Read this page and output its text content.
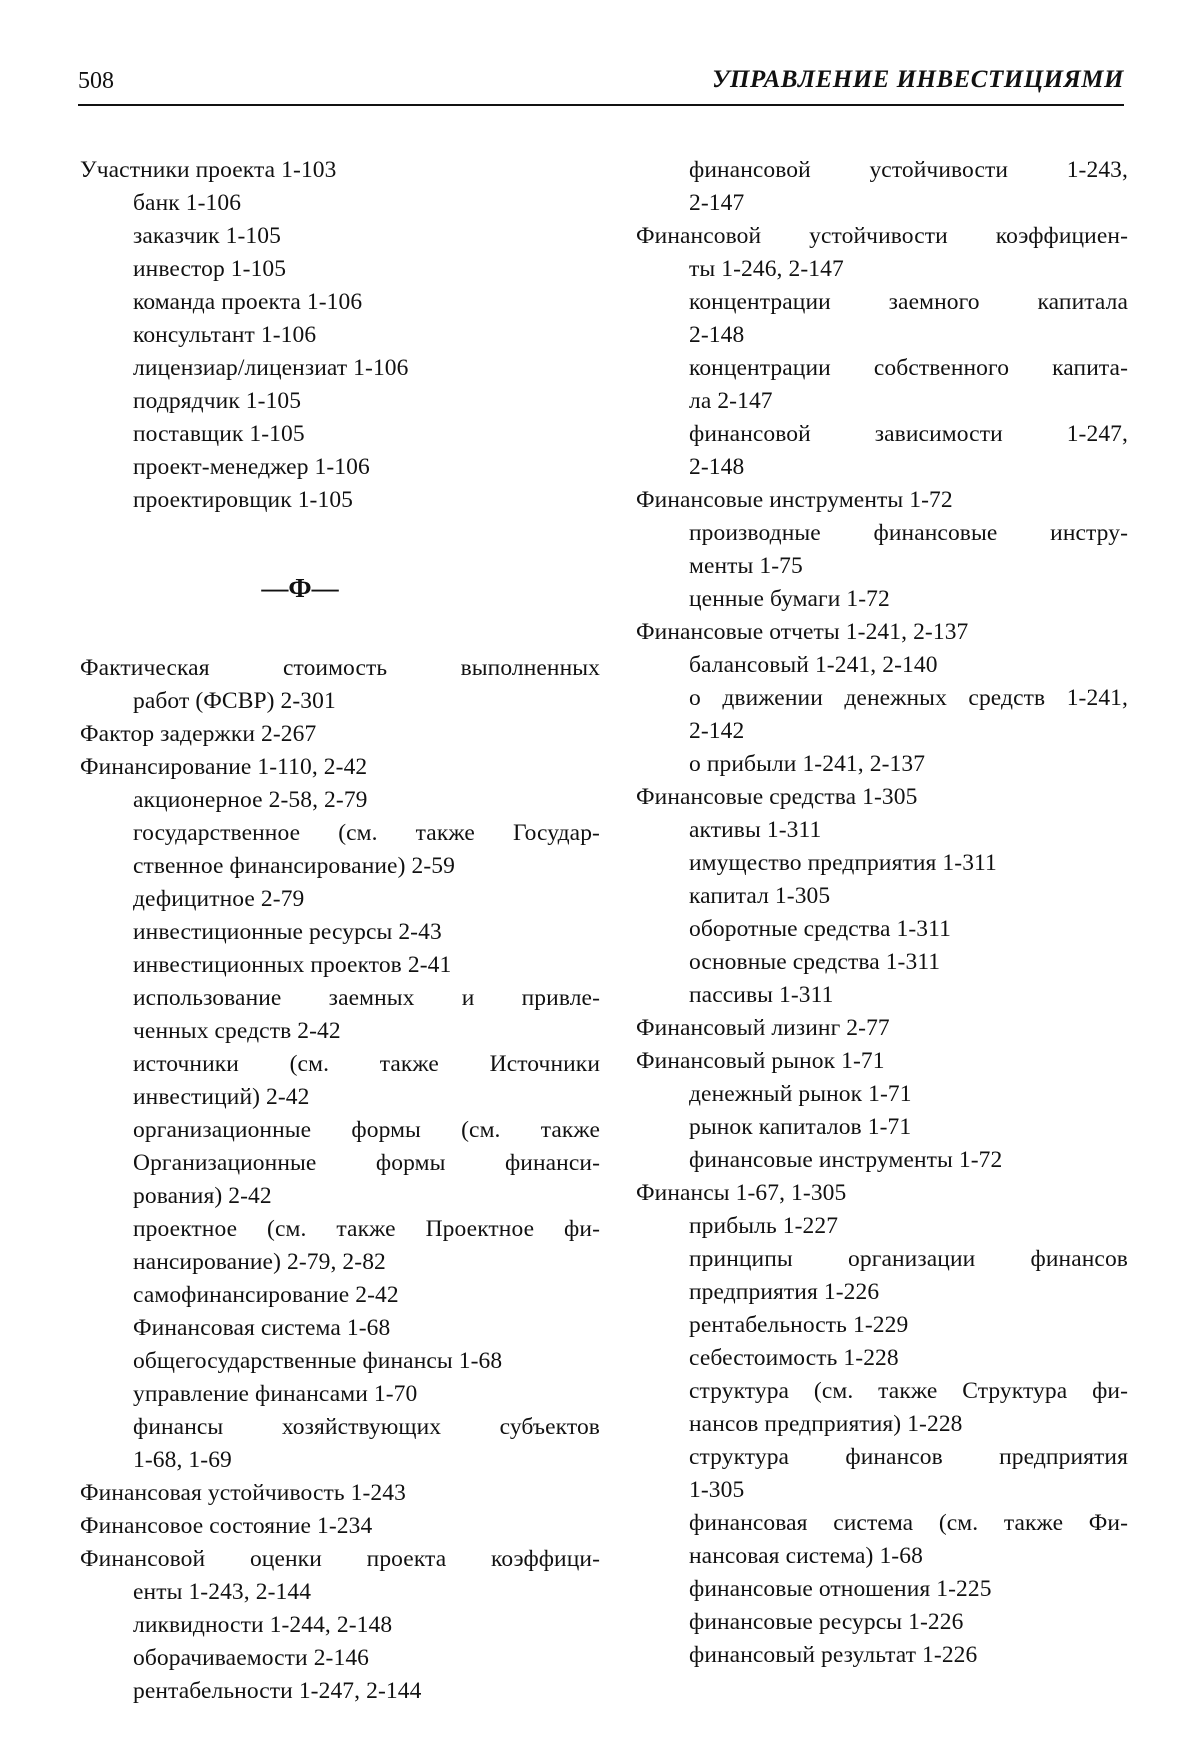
508	УПРАВЛЕНИЕ ИНВЕСТИЦИЯМИ
Участники проекта 1-103
банк 1-106
заказчик 1-105
инвестор 1-105
команда проекта 1-106
консультант 1-106
лицензиар/лицензиат 1-106
подрядчик 1-105
поставщик 1-105
проект-менеджер 1-106
проектировщик 1-105
—Ф—
Фактическая стоимость выполненных
работ (ФСВР) 2-301
Фактор задержки 2-267
Финансирование 1-110, 2-42
акционерное 2-58, 2-79
государственное (см. также Государ-
ственное финансирование) 2-59
дефицитное 2-79
инвестиционные ресурсы 2-43
инвестиционных проектов 2-41
использование заемных и привле-
ченных средств 2-42
источники (см. также Источники
инвестиций) 2-42
организационные формы (см. также
Организационные формы финанси-
рования) 2-42
проектное (см. также Проектное фи-
нансирование) 2-79, 2-82
самофинансирование 2-42
Финансовая система 1-68
общегосударственные финансы 1-68
управление финансами 1-70
финансы хозяйствующих субъектов
1-68, 1-69
Финансовая устойчивость 1-243
Финансовое состояние 1-234
Финансовой оценки проекта коэффици-
енты 1-243, 2-144
ликвидности 1-244, 2-148
оборачиваемости 2-146
рентабельности 1-247, 2-144
финансовой устойчивости 1-243,
2-147
Финансовой устойчивости коэффициен-
ты 1-246, 2-147
концентрации заемного капитала
2-148
концентрации собственного капита-
ла 2-147
финансовой зависимости 1-247,
2-148
Финансовые инструменты 1-72
производные финансовые инстру-
менты 1-75
ценные бумаги 1-72
Финансовые отчеты 1-241, 2-137
балансовый 1-241, 2-140
о движении денежных средств 1-241,
2-142
о прибыли 1-241, 2-137
Финансовые средства 1-305
активы 1-311
имущество предприятия 1-311
капитал 1-305
оборотные средства 1-311
основные средства 1-311
пассивы 1-311
Финансовый лизинг 2-77
Финансовый рынок 1-71
денежный рынок 1-71
рынок капиталов 1-71
финансовые инструменты 1-72
Финансы 1-67, 1-305
прибыль 1-227
принципы организации финансов
предприятия 1-226
рентабельность 1-229
себестоимость 1-228
структура (см. также Структура фи-
нансов предприятия) 1-228
структура финансов предприятия
1-305
финансовая система (см. также Фи-
нансовая система) 1-68
финансовые отношения 1-225
финансовые ресурсы 1-226
финансовый результат 1-226
